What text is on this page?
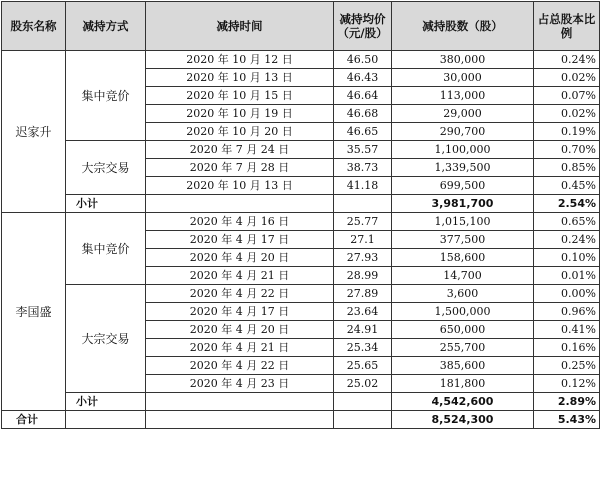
股东名称	减持方式	减持时间	减持均价（元/股）	减持股数（股）	占总股本比例
迟家升	集中竞价	2020 年 10 月 12 日	46.50	380,000	0.24%
		2020 年 10 月 13 日	46.43	30,000	0.02%
		2020 年 10 月 15 日	46.64	113,000	0.07%
		2020 年 10 月 19 日	46.68	29,000	0.02%
		2020 年 10 月 20 日	46.65	290,700	0.19%
	大宗交易	2020 年 7 月 24 日	35.57	1,100,000	0.70%
		2020 年 7 月 28 日	38.73	1,339,500	0.85%
		2020 年 10 月 13 日	41.18	699,500	0.45%
	小计			3,981,700	2.54%
李国盛	集中竞价	2020 年 4 月 16 日	25.77	1,015,100	0.65%
		2020 年 4 月 17 日	27.1	377,500	0.24%
		2020 年 4 月 20 日	27.93	158,600	0.10%
		2020 年 4 月 21 日	28.99	14,700	0.01%
	大宗交易	2020 年 4 月 22 日	27.89	3,600	0.00%
		2020 年 4 月 17 日	23.64	1,500,000	0.96%
		2020 年 4 月 20 日	24.91	650,000	0.41%
		2020 年 4 月 21 日	25.34	255,700	0.16%
		2020 年 4 月 22 日	25.65	385,600	0.25%
		2020 年 4 月 23 日	25.02	181,800	0.12%
	小计			4,542,600	2.89%
合计				8,524,300	5.43%
